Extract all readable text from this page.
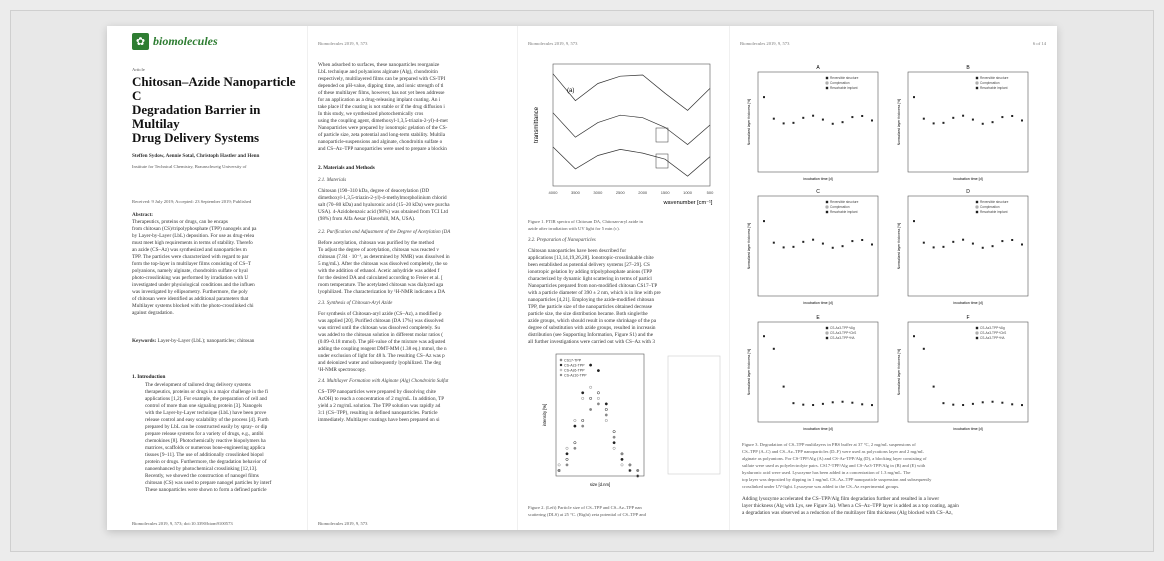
✿ biomolecules
Article
Chitosan–Azide Nanoparticle C
Degradation Barrier in Multilay
Drug Delivery Systems
Steffen Sydow, Aennie Sotal, Christoph Hastler and Henn
Institute for Technical Chemistry, Braunschweig University of
Received: 9 July 2019; Accepted: 23 September 2019; Published
Abstract:
Therapeutics, proteins or drugs, can be encaps
from chitosan (CS)/tripolyphosphate (TPP) nanogels and pa
by Layer-by-Layer (LbL) deposition. For use as drug-relea
must meet high requirements in terms of stability. Therefo
an azide (CS–Az) was synthesized and nanoparticles m
TPP. The particles were characterized with regard to par
form the top-layer in multilayer films consisting of CS–T
polyanions, namely alginate, chondroitin sulfate or hyal
photo-crosslinking was performed by irradiation with U
investigated under physiological conditions and the influen
was investigated by ellipsometry. Furthermore, the poly
of chitosan were identified as additional parameters that
Multilayer systems blocked with the photo-crosslinked chi
against degradation.
Keywords: Layer-by-Layer (LbL); nanoparticles; chitosan
1. Introduction
The development of tailored drug delivery systems
therapeutics, proteins or drugs is a major challenge in the fi
applications [1,2]. For example, the preparation of cell and
control of more than one signaling protein [3]. Nanogels
with the Layer-by-Layer technique (LbL) have been prove
release control and easy scalability of the process [4]. Furth
prepared by LbL can be constructed easily by spray- or dip
prepare release systems for a variety of drugs, e.g., antibi
chemokines [8]. Photochemically reactive biopolymers ha
matrices, scaffolds or numerous bone-engineering applica
tissues [9–11]. The use of additionally crosslinked biopol
protein or drugs. Furthermore, the degradation behavior of
nanoenhanced by photochemical crosslinking [12,13].
Recently, we showed the construction of nanogel films
chitosan (CS) was used to prepare nanogel particles by interf
These nanoparticles were shown to form a defined particle
Biomolecules 2019, 9, 573; doi:10.3390/biom9100573
Biomolecules 2019, 9, 573
When adsorbed to surfaces, these nanoparticles reorganize
LbL technique and polyanions alginate (Alg), chondroitin
respectively, multilayered films can be prepared with CS-TPI
depended on pH-value, dipping time, and ionic strength of tl
of these multilayer films, however, has not yet been addresse
for an application as a drug-releasing implant coating. An i
take place if the coating is not stable or if the drug diffusion i
In this study, we synthesized photochemically cros
using the coupling agent, dimethoxyl-1,3,5-triazin-2-yl)-4-met
Nanoparticles were prepared by ionotropic gelation of the CS-
of particle size, zeta potential and long-term stability. Multila
nanoparticle-suspensions and alginate, chondroitin sulfate o
and CS–Az–TPP nanoparticles were used to prepare a blockin
2. Materials and Methods
2.1. Materials
Chitosan (190–310 kDa, degree of deacetylation (DD
dimethoxyl-1,3,5-triazin-2-yl)-4-methylmorpholinium chlorid
salt (70–80 kDa) and hyaluronic acid (15–20 kDa) were purcha
USA). 4-Azidobenzoic acid (98%) was obtained from TCI Ltd
(98%) from Alfa Aesar (Haverhill, MA, USA).
2.2. Purification and Adjustment of the Degree of Acetylation (DA
Before acetylation, chitosan was purified by the method
To adjust the degree of acetylation, chitosan was reacted v
chitosan (7.84 · 10⁻³, as determined by NMR) was dissolved in
5 mg/mL). After the chitosan was dissolved completely, the so
with the addition of ethanol. Acetic anhydride was added f
for the desired DA and calculated according to Freier et al. [
room temperature. The acetylated chitosan was dialyzed aga
lyophilized. The characterization by ¹H-NMR indicates a DA
2.3. Synthesis of Chitosan-Aryl Azide
For synthesis of Chitosan-aryl azide (CS–Az), a modified p
was applied [20]. Purified chitosan (DA 17%) was dissolved
was stirred until the chitosan was dissolved completely. Su
was added to the chitosan solution in different molar ratios (
(0.09–0.18 mmol). The pH-value of the mixture was adjusted
adding the coupling reagent DMT-MM (1.38 eq.) mmol, the n
under exclusion of light for 48 h. The resulting CS–Az was p
and deionized water and subsequently lyophilized. The deg
¹H-NMR spectroscopy.
2.4. Multilayer Formation with Alginate (Alg) Chondroitin Sulfat
CS–TPP nanoparticles were prepared by dissolving chite
AcOH) to reach a concentration of 2 mg/mL. In addition, TP
yield a 2 mg/mL solution. The TPP solution was rapidly ad
3:1 (CS–TPP), resulting in defined nanoparticles. Particle
immediately. Multilayer coatings have been prepared on si
Biomolecules 2019, 9, 573
Biomolecules 2019, 9, 573
(a)
4000	3500	3000	2500	2000	1500	1000	500
transmittance
wavenumber [cm⁻¹]
Figure 1. FTIR spectra of Chitosan DA, Chitosan-aryl azide in
azide after irradiation with UV light for 5 min (c).
3.2. Preparation of Nanoparticles
Chitosan nanoparticles have been described for
applications [13,14,19,26,28]. Ionotropic-crosslinkable chite
been established as potential delivery systems [27–29]. CS
ionotropic gelation by adding tripolyphosphate anions (TPP
characterized by dynamic light scattering in terms of particl
Nanoparticles prepared from non-modified chitosan CS17–TP
with a particle diameter of 390 ± 2 nm, which is in line with pre
nanoparticles [4,21]. Employing the azide-modified chitosan
TPP, the particle size of the nanoparticles obtained decrease
particle size, the size distribution became. Both single/the
azide groups, which should result in some shrinkage of the pa
degree of substitution with azide groups, resulted in increasin
distribution (see Supporting Information, Figure S1) and the
all further investigations were carried out with CS–Az with 3
CS17-TPP
CS-Az3-TPP
CS-Az6-TPP
CS-Az10-TPP
intensity [%]
size [d.nm]
Figure 2. (Left) Particle size of CS–TPP and CS–Az–TPP nan
scattering (DLS) at 25 °C. (Right) zeta potential of CS–TPP and
Biomolecules 2019, 9, 573	6 of 14
A
Normalized layer thickness [%]
incubation time [d]
Reversible structure
Complexation
Resorbable implant
B
Normalized layer thickness [%]
incubation time [d]
Reversible structure
Complexation
Resorbable implant
C
Normalized layer thickness [%]
incubation time [d]
Reversible structure
Complexation
Resorbable implant
D
Normalized layer thickness [%]
incubation time [d]
Reversible structure
Complexation
Resorbable implant
E
Normalized layer thickness [%]
incubation time [d]
CS-Az3-TPP+Alg
CS-Az3-TPP+ChS
CS-Az3-TPP+HA
F
Normalized layer thickness [%]
incubation time [d]
CS-Az3-TPP+Alg
CS-Az3-TPP+ChS
CS-Az3-TPP+HA
Figure 3. Degradation of CS–TPP multilayers in PBS buffer at 37 °C, 2 mg/mL suspensions of
CS–TPP (A–C) and CS–Az–TPP nanoparticles (D–F) were used as polycations layer and 2 mg/mL
alginate as polyanions. For CS-TPP/Alg (A) and CS-Az-TPP/Alg (D), a blocking layer consisting of
sulfate were used as polyelectrolyte pairs. CS17-TPP/Alg and CS-Az3-TPP/Alg in (B) and (E) with
hyaluronic acid were used. Lysozyme has been added in a concentration of 1.3 mg/mL. The
top layer was deposited by dipping in 1 mg/mL CS–Az–TPP nanoparticle suspension and subsequently
crosslinked under UV-light. Lysozyme was added to the CS–Az experimental groups.
Adding lysozyme accelerated the CS–TPP/Alg film degradation further and resulted in a lower
layer thickness (Alg with Lys, see Figure 3a). When a CS–Az–TPP layer is added as a top coating, again
a degradation was observed as a reduction of the multilayer film thickness (Alg blocked with CS–Az,
